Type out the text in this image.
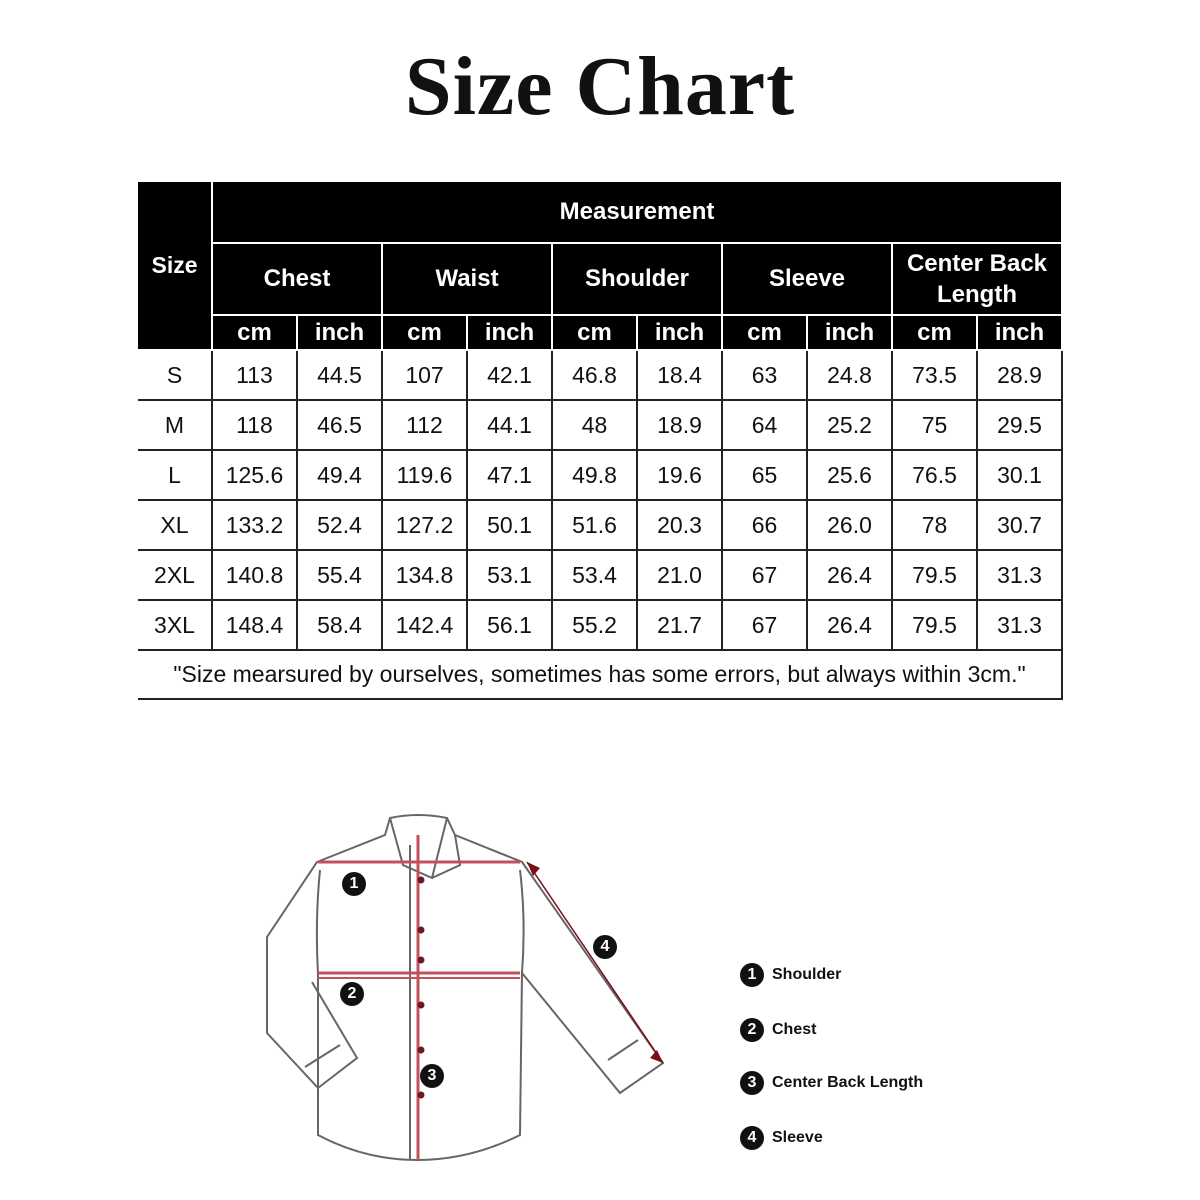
Size Chart
Size	Measurement									
	Chest		Waist		Shoulder		Sleeve		Center Back Length	
	cm	inch	cm	inch	cm	inch	cm	inch	cm	inch
S	113	44.5	107	42.1	46.8	18.4	63	24.8	73.5	28.9
M	118	46.5	112	44.1	48	18.9	64	25.2	75	29.5
L	125.6	49.4	119.6	47.1	49.8	19.6	65	25.6	76.5	30.1
XL	133.2	52.4	127.2	50.1	51.6	20.3	66	26.0	78	30.7
2XL	140.8	55.4	134.8	53.1	53.4	21.0	67	26.4	79.5	31.3
3XL	148.4	58.4	142.4	56.1	55.2	21.7	67	26.4	79.5	31.3
"Size mearsured by ourselves, sometimes has some errors, but always within 3cm."										
1
2
3
4
1 Shoulder
2 Chest
3 Center Back Length
4 Sleeve
